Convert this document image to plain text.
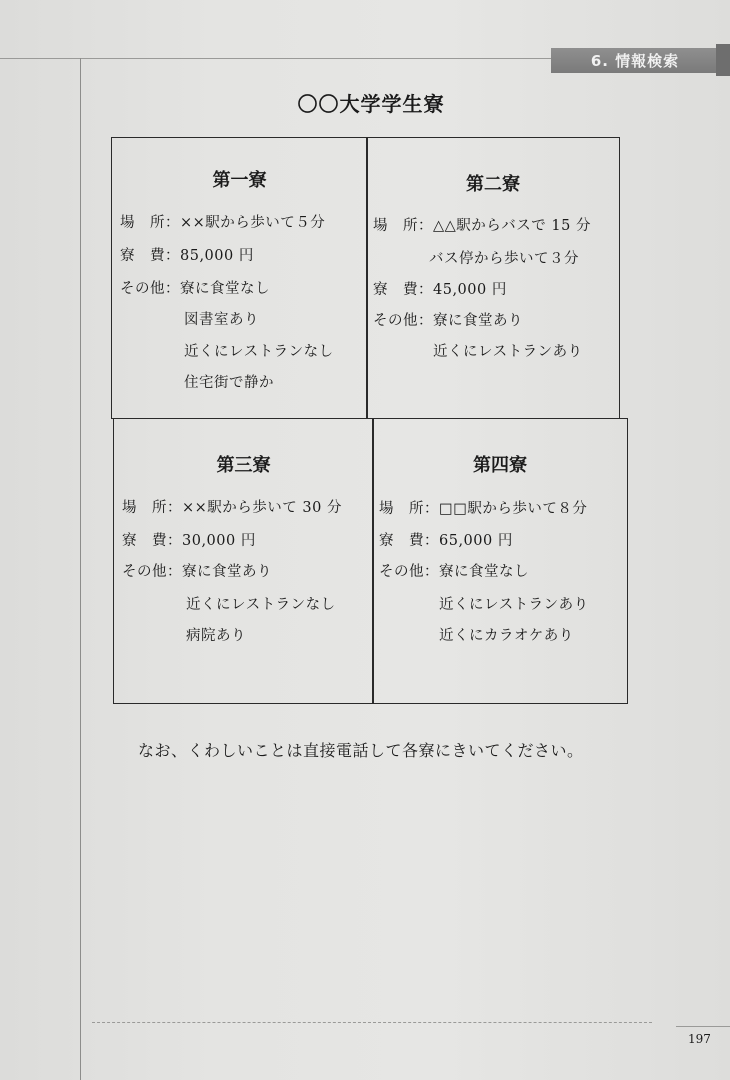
6. 情報検索
〇〇大学学生寮
第一寮
場　所：××駅から歩いて５分
寮　費：85,000 円
その他：寮に食堂なし
図書室あり
近くにレストランなし
住宅街で静か
第二寮
場　所：△△駅からバスで 15 分
バス停から歩いて３分
寮　費：45,000 円
その他：寮に食堂あり
近くにレストランあり
第三寮
場　所：××駅から歩いて 30 分
寮　費：30,000 円
その他：寮に食堂あり
近くにレストランなし
病院あり
第四寮
場　所：□□駅から歩いて８分
寮　費：65,000 円
その他：寮に食堂なし
近くにレストランあり
近くにカラオケあり
なお、くわしいことは直接電話して各寮にきいてください。
197
